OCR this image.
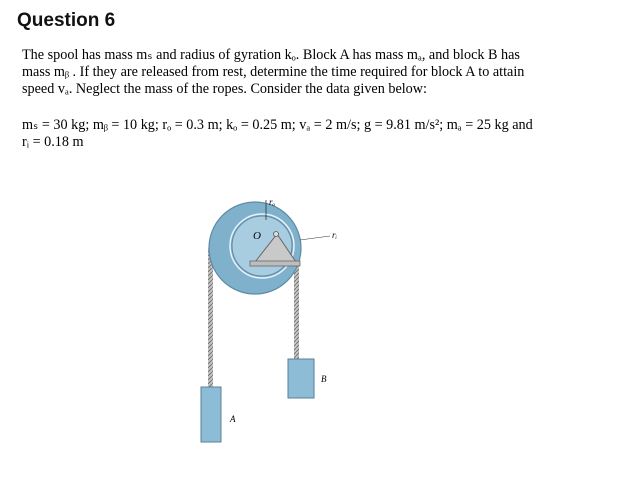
Question 6
The spool has mass mₛ and radius of gyration kₒ. Block A has mass mₐ, and block B has
mass mᵦ . If they are released from rest, determine the time required for block A to attain
speed vₐ. Neglect the mass of the ropes. Consider the data given below:
mₛ = 30 kg; mᵦ = 10 kg; rₒ = 0.3 m; kₒ = 0.25 m; vₐ = 2 m/s; g = 9.81 m/s²; mₐ = 25 kg and
rᵢ = 0.18 m
O
rₒ
rᵢ
A
B
